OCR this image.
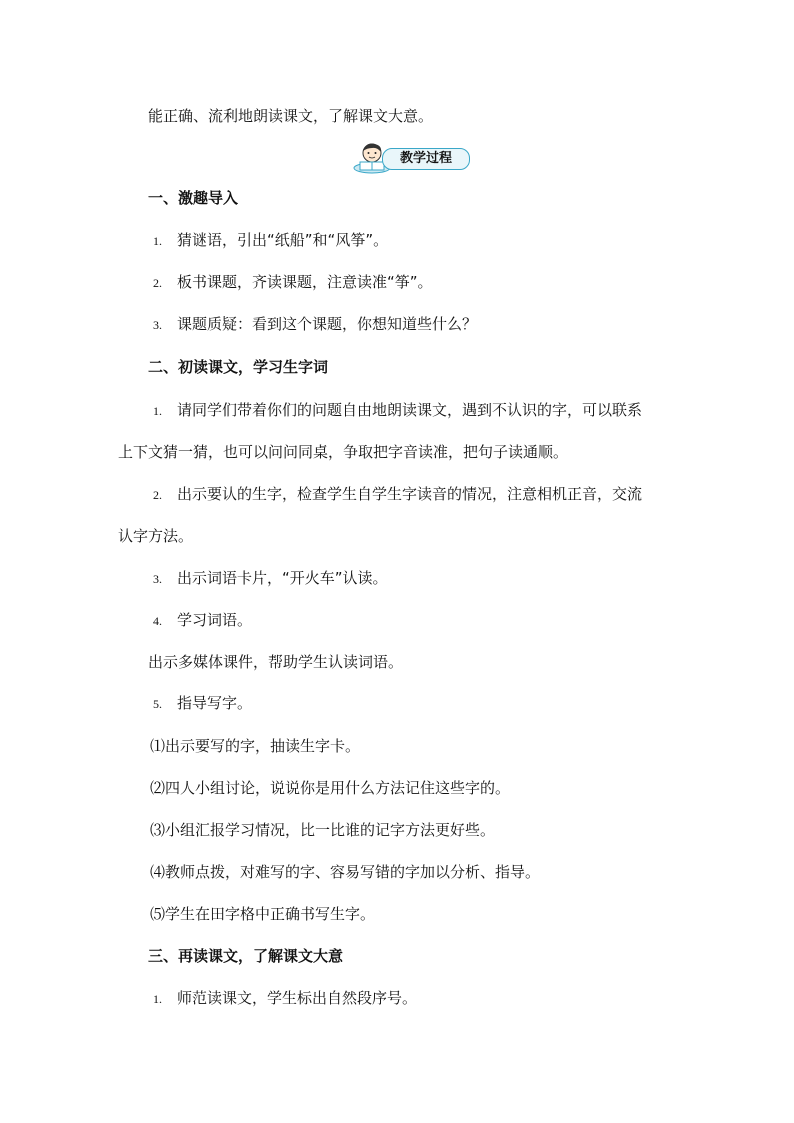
能正确、流利地朗读课文，了解课文大意。
教学过程
一、激趣导入
1. 猜谜语，引出“纸船”和“风筝”。
2. 板书课题，齐读课题，注意读准“筝”。
3. 课题质疑：看到这个课题，你想知道些什么？
二、初读课文，学习生字词
1. 请同学们带着你们的问题自由地朗读课文，遇到不认识的字，可以联系
上下文猜一猜，也可以问问同桌，争取把字音读准，把句子读通顺。
2. 出示要认的生字，检查学生自学生字读音的情况，注意相机正音，交流
认字方法。
3. 出示词语卡片，“开火车”认读。
4. 学习词语。
出示多媒体课件，帮助学生认读词语。
5. 指导写字。
⑴出示要写的字，抽读生字卡。
⑵四人小组讨论，说说你是用什么方法记住这些字的。
⑶小组汇报学习情况，比一比谁的记字方法更好些。
⑷教师点拨，对难写的字、容易写错的字加以分析、指导。
⑸学生在田字格中正确书写生字。
三、再读课文，了解课文大意
1. 师范读课文，学生标出自然段序号。
